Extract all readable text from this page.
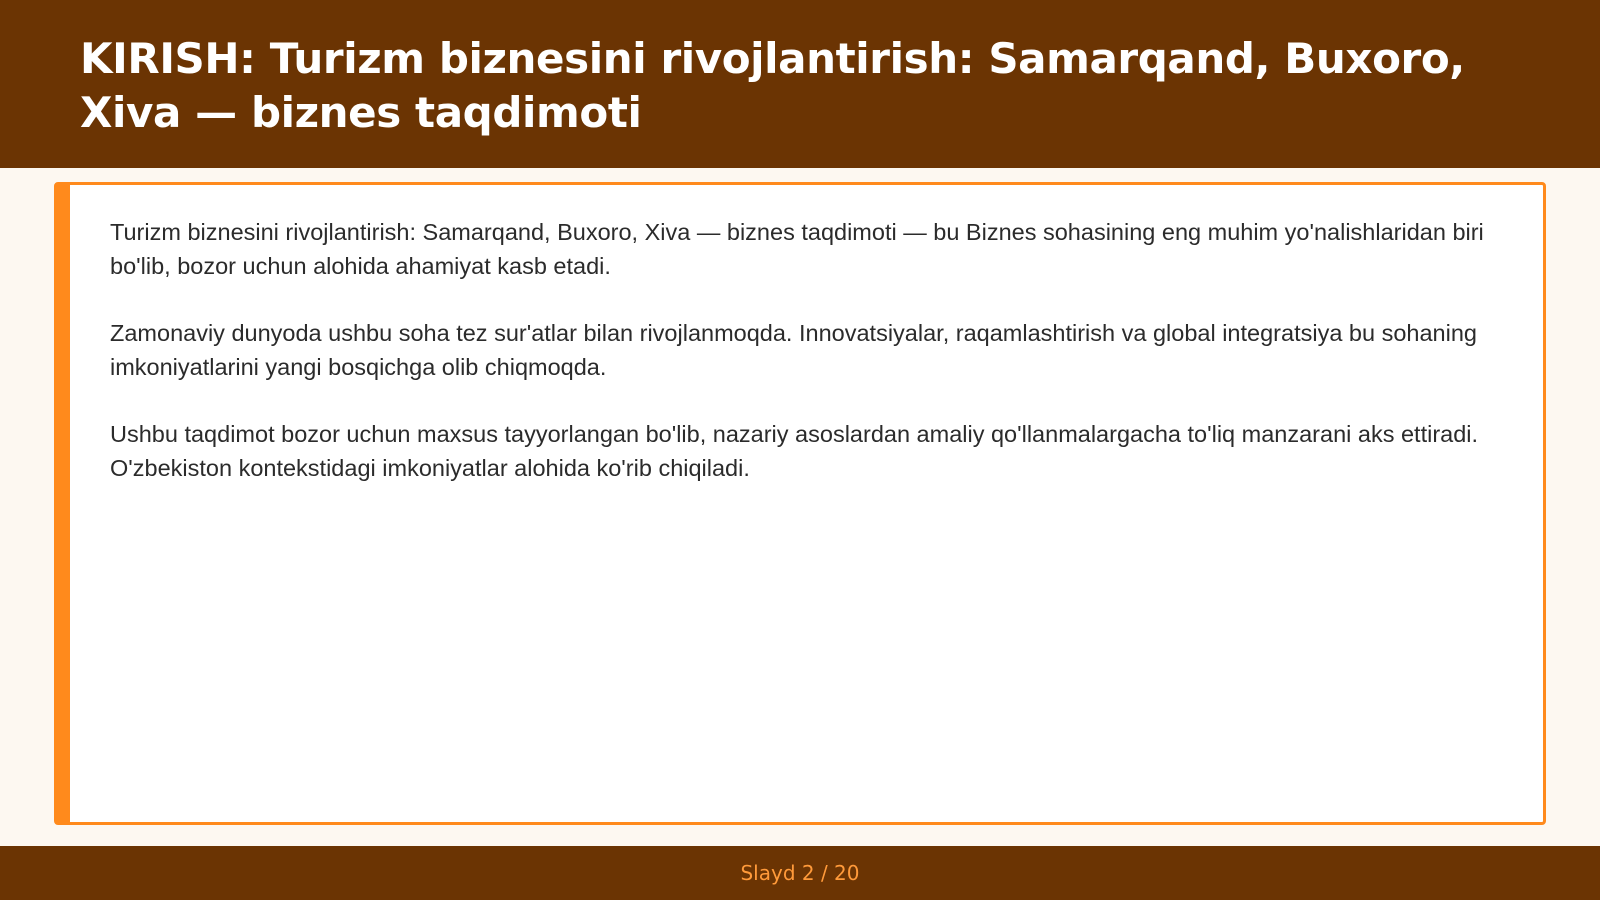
KIRISH: Turizm biznesini rivojlantirish: Samarqand, Buxoro, Xiva — biznes taqdimoti

Turizm biznesini rivojlantirish: Samarqand, Buxoro, Xiva — biznes taqdimoti — bu Biznes sohasining eng muhim yo'nalishlaridan biri bo'lib, bozor uchun alohida ahamiyat kasb etadi.

Zamonaviy dunyoda ushbu soha tez sur'atlar bilan rivojlanmoqda. Innovatsiyalar, raqamlashtirish va global integratsiya bu sohaning imkoniyatlarini yangi bosqichga olib chiqmoqda.

Ushbu taqdimot bozor uchun maxsus tayyorlangan bo'lib, nazariy asoslardan amaliy qo'llanmalargacha to'liq manzarani aks ettiradi. O'zbekiston kontekstidagi imkoniyatlar alohida ko'rib chiqiladi.

Slayd 2 / 20
